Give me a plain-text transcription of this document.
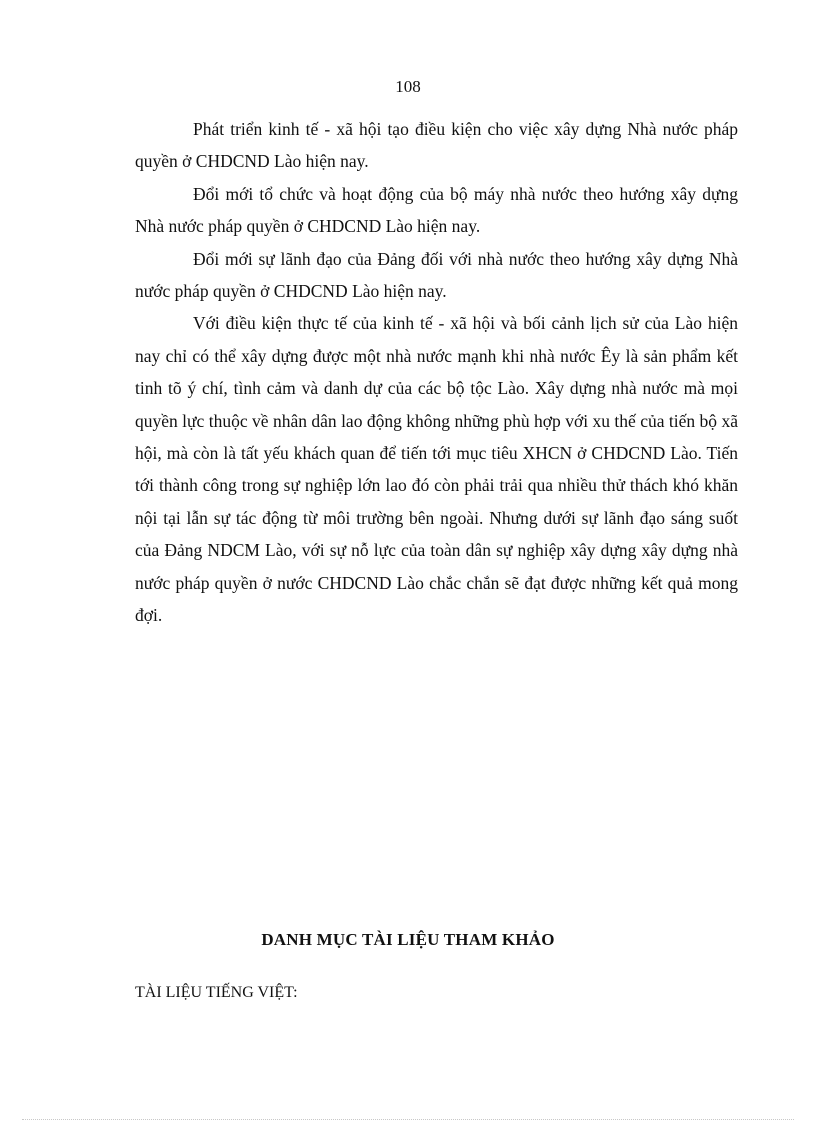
108

Phát triển kinh tế - xã hội tạo điều kiện cho việc xây dựng Nhà nước pháp quyền ở CHDCND Lào hiện nay.

Đổi mới tổ chức và hoạt động của bộ máy nhà nước theo hướng xây dựng Nhà nước pháp quyền ở CHDCND Lào hiện nay.

Đổi mới sự lãnh đạo của Đảng đối với nhà nước theo hướng xây dựng Nhà nước pháp quyền ở CHDCND Lào hiện nay.

Với điều kiện thực tế của kinh tế - xã hội và bối cảnh lịch sử của Lào hiện nay chỉ có thể xây dựng được một nhà nước mạnh khi nhà nước Êy là sản phẩm kết tinh tõ ý chí, tình cảm và danh dự của các bộ tộc Lào. Xây dựng nhà nước mà mọi quyền lực thuộc về nhân dân lao động không những phù hợp với xu thế của tiến bộ xã hội, mà còn là tất yếu khách quan để tiến tới mục tiêu XHCN ở CHDCND Lào. Tiến tới thành công trong sự nghiệp lớn lao đó còn phải trải qua nhiều thử thách khó khăn nội tại lẫn sự tác động từ môi trường bên ngoài. Nhưng dưới sự lãnh đạo sáng suốt của Đảng NDCM Lào, với sự nỗ lực của toàn dân sự nghiệp xây dựng xây dựng nhà nước pháp quyền ở nước CHDCND Lào chắc chắn sẽ đạt được những kết quả mong đợi.

DANH MỤC TÀI LIỆU THAM KHẢO
TÀI LIỆU TIẾNG VIỆT:
